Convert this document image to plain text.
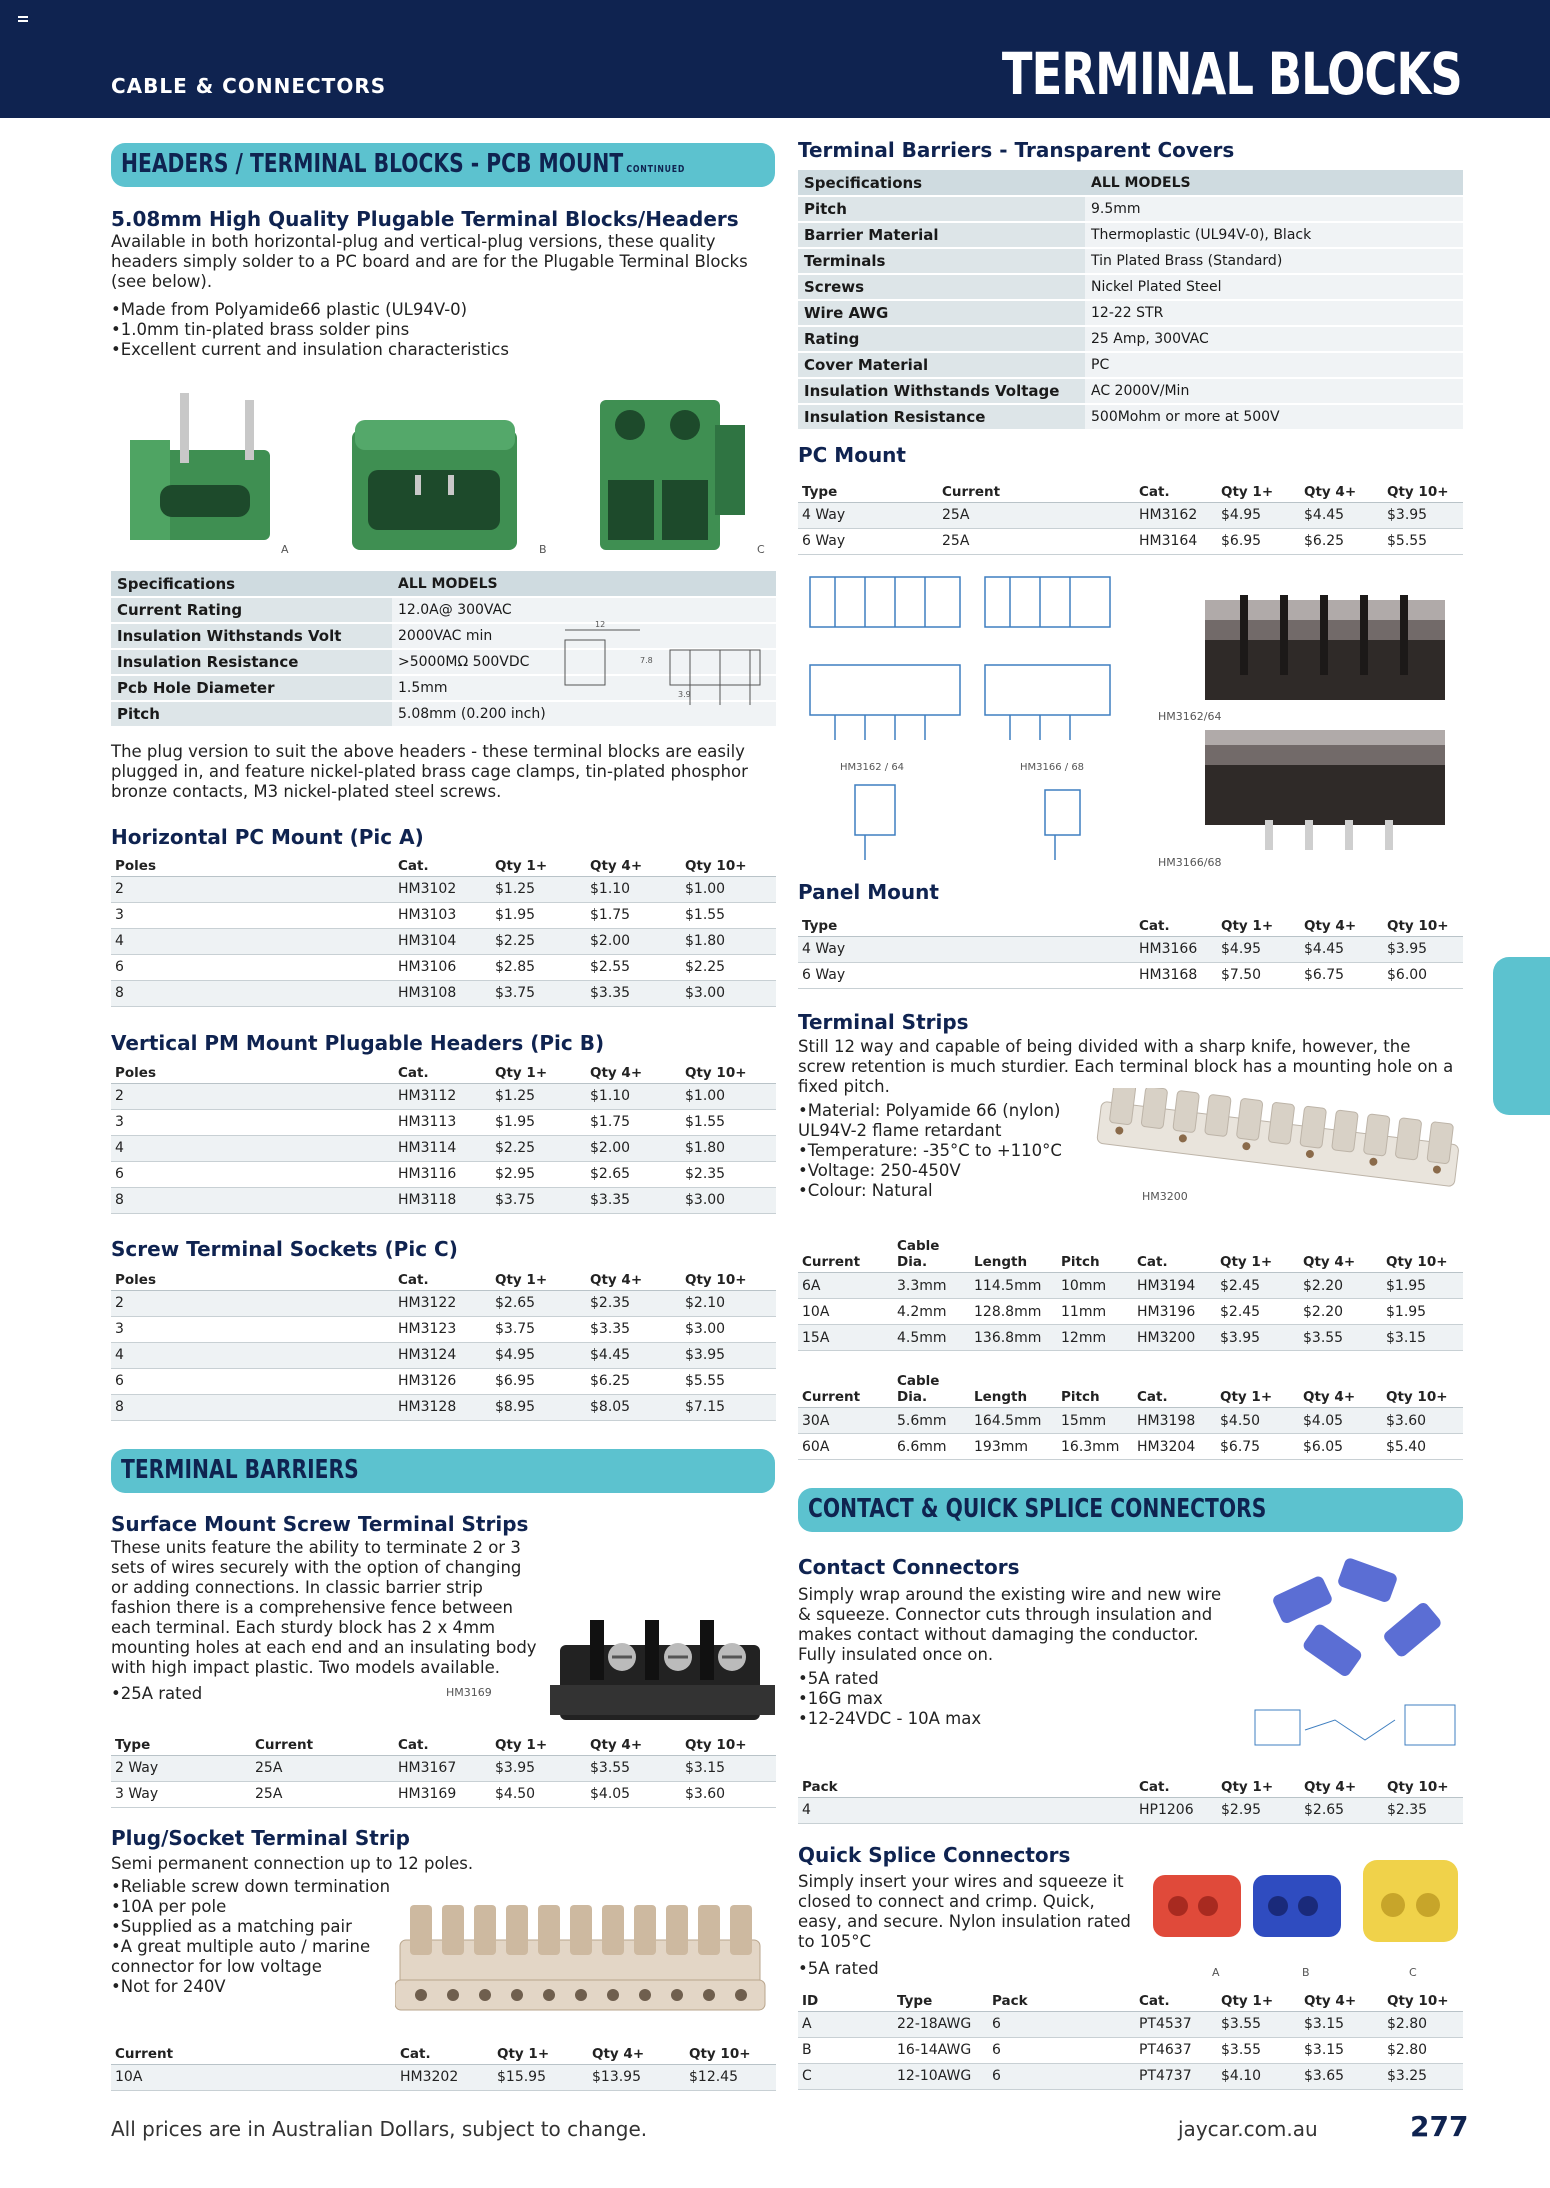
CABLE & CONNECTORS	TERMINAL BLOCKS
HEADERS / TERMINAL BLOCKS - PCB MOUNT CONTINUED
5.08mm High Quality Plugable Terminal Blocks/Headers
Available in both horizontal-plug and vertical-plug versions, these quality headers simply solder to a PC board and are for the Plugable Terminal Blocks (see below).
• Made from Polyamide66 plastic (UL94V-0)
• 1.0mm tin-plated brass solder pins
• Excellent current and insulation characteristics
A	B	C
Specifications	ALL MODELS
Current Rating	12.0A@ 300VAC
Insulation Withstands Volt	2000VAC min
Insulation Resistance	>5000MΩ 500VDC
Pcb Hole Diameter	1.5mm
Pitch	5.08mm (0.200 inch)
12
7.8
3.9
The plug version to suit the above headers - these terminal blocks are easily plugged in, and feature nickel-plated brass cage clamps, tin-plated phosphor bronze contacts, M3 nickel-plated steel screws.
Horizontal PC Mount (Pic A)
Poles	Cat.	Qty 1+	Qty 4+	Qty 10+
2	HM3102	$1.25	$1.10	$1.00
3	HM3103	$1.95	$1.75	$1.55
4	HM3104	$2.25	$2.00	$1.80
6	HM3106	$2.85	$2.55	$2.25
8	HM3108	$3.75	$3.35	$3.00
Vertical PM Mount Plugable Headers (Pic B)
Poles	Cat.	Qty 1+	Qty 4+	Qty 10+
2	HM3112	$1.25	$1.10	$1.00
3	HM3113	$1.95	$1.75	$1.55
4	HM3114	$2.25	$2.00	$1.80
6	HM3116	$2.95	$2.65	$2.35
8	HM3118	$3.75	$3.35	$3.00
Screw Terminal Sockets (Pic C)
Poles	Cat.	Qty 1+	Qty 4+	Qty 10+
2	HM3122	$2.65	$2.35	$2.10
3	HM3123	$3.75	$3.35	$3.00
4	HM3124	$4.95	$4.45	$3.95
6	HM3126	$6.95	$6.25	$5.55
8	HM3128	$8.95	$8.05	$7.15
TERMINAL BARRIERS
Surface Mount Screw Terminal Strips
These units feature the ability to terminate 2 or 3 sets of wires securely with the option of changing or adding connections. In classic barrier strip fashion there is a comprehensive fence between each terminal. Each sturdy block has 2 x 4mm mounting holes at each end and an insulating body with high impact plastic. Two models available.
• 25A rated	HM3169
Type	Current	Cat.	Qty 1+	Qty 4+	Qty 10+
2 Way	25A	HM3167	$3.95	$3.55	$3.15
3 Way	25A	HM3169	$4.50	$4.05	$3.60
Plug/Socket Terminal Strip
Semi permanent connection up to 12 poles.
• Reliable screw down termination
• 10A per pole
• Supplied as a matching pair
• A great multiple auto / marine connector for low voltage
• Not for 240V
Current	Cat.	Qty 1+	Qty 4+	Qty 10+
10A	HM3202	$15.95	$13.95	$12.45
Terminal Barriers - Transparent Covers
Specifications	ALL MODELS
Pitch	9.5mm
Barrier Material	Thermoplastic (UL94V-0), Black
Terminals	Tin Plated Brass (Standard)
Screws	Nickel Plated Steel
Wire AWG	12-22 STR
Rating	25 Amp, 300VAC
Cover Material	PC
Insulation Withstands Voltage	AC 2000V/Min
Insulation Resistance	500Mohm or more at 500V
PC Mount
Type	Current	Cat.	Qty 1+	Qty 4+	Qty 10+
4 Way	25A	HM3162	$4.95	$4.45	$3.95
6 Way	25A	HM3164	$6.95	$6.25	$5.55
HM3162 / 64	HM3166 / 68
HM3162/64
HM3166/68
Panel Mount
Type	Cat.	Qty 1+	Qty 4+	Qty 10+
4 Way	HM3166	$4.95	$4.45	$3.95
6 Way	HM3168	$7.50	$6.75	$6.00
Terminal Strips
Still 12 way and capable of being divided with a sharp knife, however, the screw retention is much sturdier. Each terminal block has a mounting hole on a fixed pitch.
• Material: Polyamide 66 (nylon) UL94V-2 flame retardant
• Temperature: -35°C to +110°C
• Voltage: 250-450V
• Colour: Natural	HM3200
Current	Cable Dia.	Length	Pitch	Cat.	Qty 1+	Qty 4+	Qty 10+
6A	3.3mm	114.5mm	10mm	HM3194	$2.45	$2.20	$1.95
10A	4.2mm	128.8mm	11mm	HM3196	$2.45	$2.20	$1.95
15A	4.5mm	136.8mm	12mm	HM3200	$3.95	$3.55	$3.15
Current	Cable Dia.	Length	Pitch	Cat.	Qty 1+	Qty 4+	Qty 10+
30A	5.6mm	164.5mm	15mm	HM3198	$4.50	$4.05	$3.60
60A	6.6mm	193mm	16.3mm	HM3204	$6.75	$6.05	$5.40
CONTACT & QUICK SPLICE CONNECTORS
Contact Connectors
Simply wrap around the existing wire and new wire & squeeze. Connector cuts through insulation and makes contact without damaging the conductor. Fully insulated once on.
• 5A rated
• 16G max
• 12-24VDC - 10A max
Pack	Cat.	Qty 1+	Qty 4+	Qty 10+
4	HP1206	$2.95	$2.65	$2.35
Quick Splice Connectors
Simply insert your wires and squeeze it closed to connect and crimp. Quick, easy, and secure. Nylon insulation rated to 105°C
• 5A rated	A	B	C
ID	Type	Pack	Cat.	Qty 1+	Qty 4+	Qty 10+
A	22-18AWG	6	PT4537	$3.55	$3.15	$2.80
B	16-14AWG	6	PT4637	$3.55	$3.15	$2.80
C	12-10AWG	6	PT4737	$4.10	$3.65	$3.25
All prices are in Australian Dollars, subject to change.	jaycar.com.au	277
